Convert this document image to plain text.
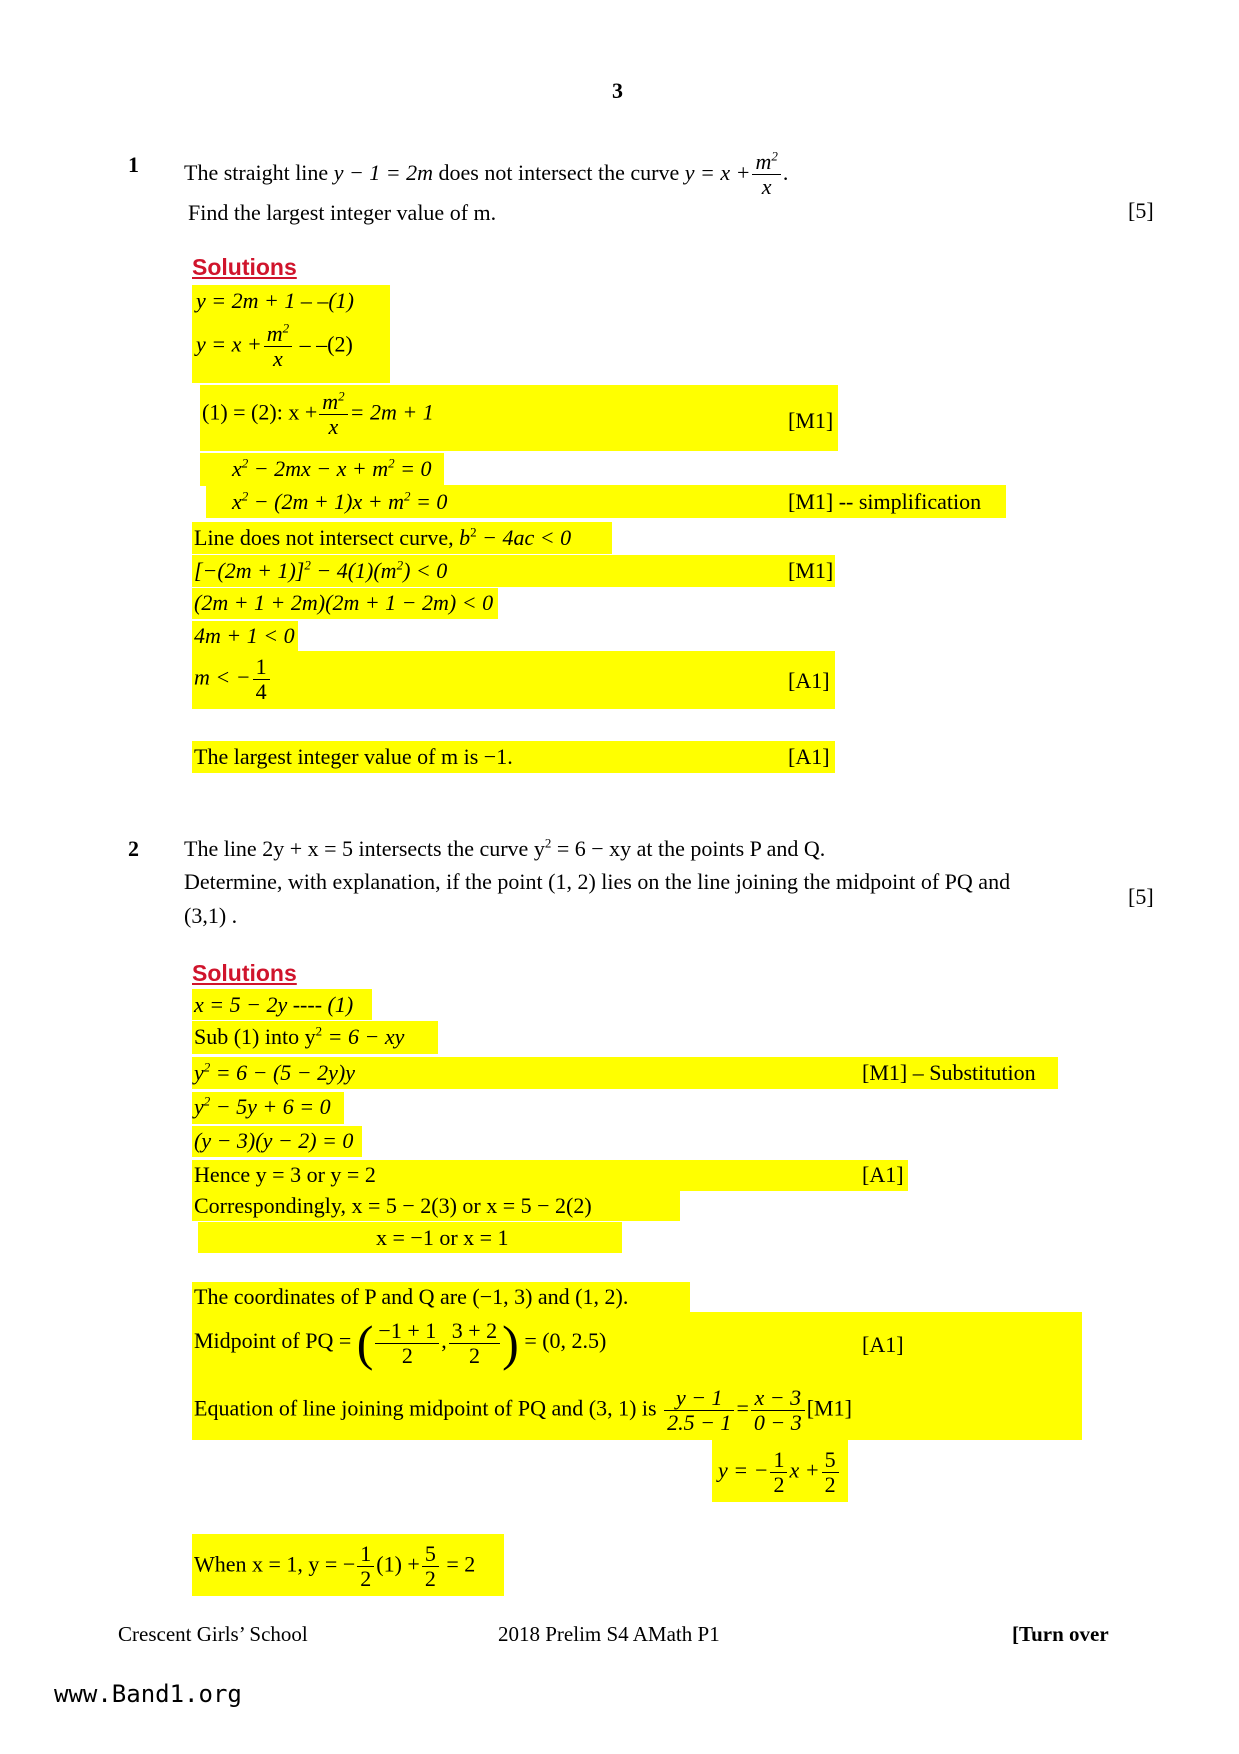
3
1 The straight line y − 1 = 2m does not intersect the curve $y = x + \frac{m^2}{x}$ .
Find the largest integer value of m.	[5]
Solutions
y = 2m + 1 – –(1)
$y = x + \frac{m^2}{x} - -(2)$
(1) = (2): $x + \frac{m^2}{x} = 2m + 1$	[M1]
$x^2 - 2mx - x + m^2 = 0$
$x^2 - (2m + 1)x + m^2 = 0$	[M1] -- simplification
Line does not intersect curve, $b^2 - 4ac < 0$
$[-(2m + 1)]^2 - 4(1)(m^2) < 0$	[M1]
(2m + 1 + 2m)(2m + 1 − 2m) < 0
4m + 1 < 0
m < − $\frac{1}{4}$	[A1]
The largest integer value of m is −1.	[A1]
2 The line 2y + x = 5 intersects the curve $y^2 = 6$ − xy at the points P and Q.
Determine, with explanation, if the point (1, 2) lies on the line joining the midpoint of PQ and
(3,1) .
[5]
Solutions
x = 5 − 2y ---- (1)
Sub (1) into $y^2 = 6$ − xy
$y^2 = 6 - (5 - 2y)y$	[M1] – Substitution
$y^2 - 5y + 6 = 0$
(y − 3)(y − 2) = 0
Hence y = 3 or y = 2	[A1]
Correspondingly, x = 5 − 2(3) or x = 5 − 2(2)
x = −1 or x = 1
The coordinates of P and Q are (−1, 3) and (1, 2).
Midpoint of PQ = ( $\frac{-1 + 1}{2}$ , $\frac{3 + 2}{2}$ ) = (0, 2.5)	[A1]
Equation of line joining midpoint of PQ and (3, 1) is $\frac{y - 1}{2.5 - 1} = \frac{x - 3}{0 - 3} [M1]$
y = − $\frac{1}{2}$ $x + \frac{5}{2}$
When x = 1, y = − $\frac{1}{2} (1) + \frac{5}{2} = 2$
Crescent Girls’ School	2018 Prelim S4 AMath P1	[Turn over
www.Band1.org
